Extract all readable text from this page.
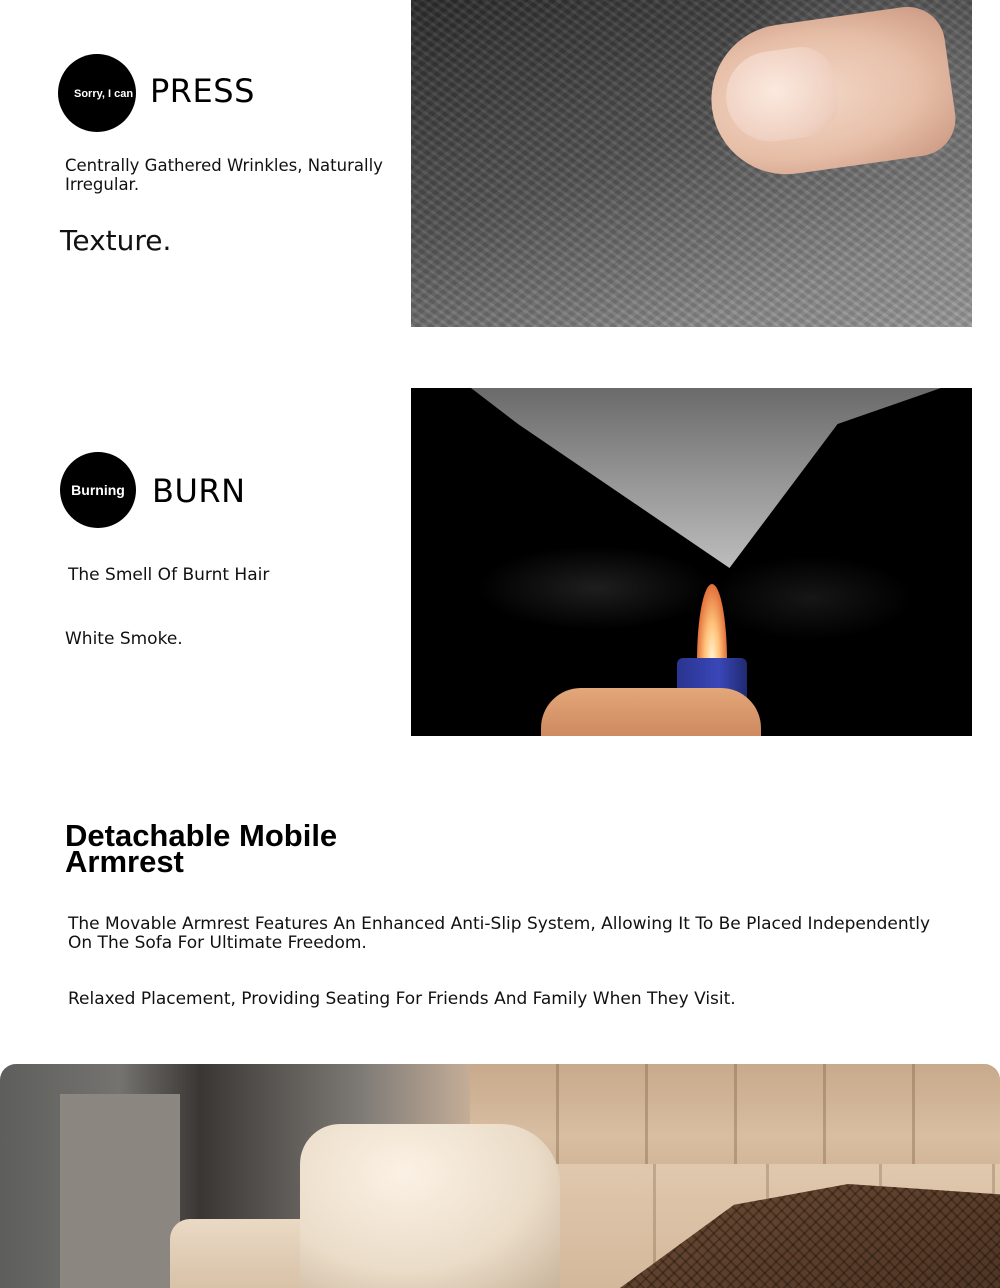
Sorry, I can PRESS
Centrally Gathered Wrinkles, Naturally Irregular.
Texture.
Burning BURN
The Smell Of Burnt Hair
White Smoke.
Detachable Mobile Armrest
The Movable Armrest Features An Enhanced Anti-Slip System, Allowing It To Be Placed Independently On The Sofa For Ultimate Freedom.
Relaxed Placement, Providing Seating For Friends And Family When They Visit.
